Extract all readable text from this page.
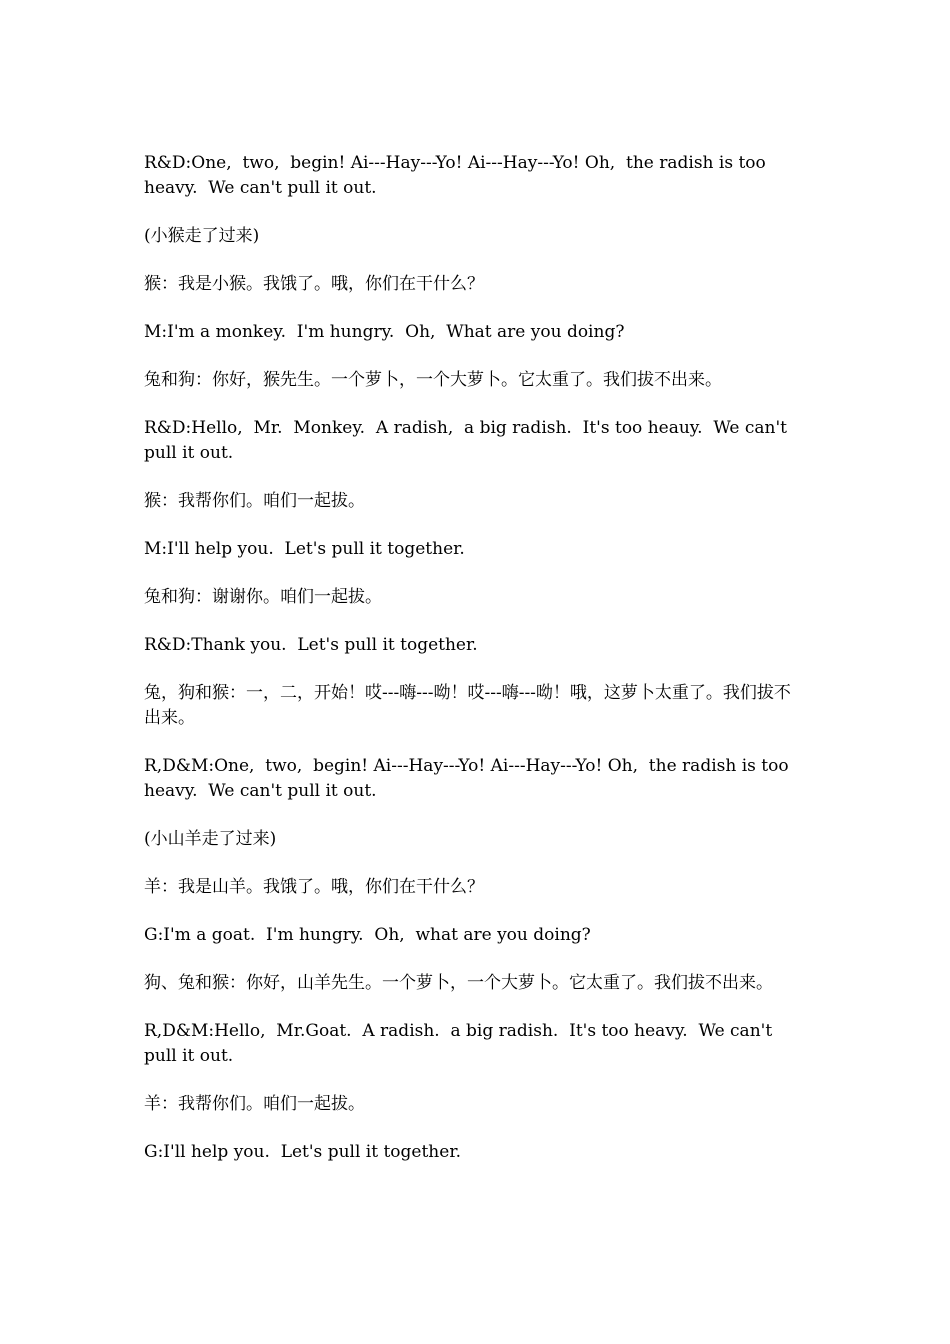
R&D:One,  two,  begin! Ai---Hay---Yo! Ai---Hay---Yo! Oh,  the radish is too heavy.  We can't pull it out.

(小猴走了过来)

猴：我是小猴。我饿了。哦，你们在干什么？

M:I'm a monkey.  I'm hungry.  Oh,  What are you doing?

兔和狗：你好，猴先生。一个萝卜，一个大萝卜。它太重了。我们拔不出来。

R&D:Hello,  Mr.  Monkey.  A radish,  a big radish.  It's too heauy.  We can't pull it out.

猴：我帮你们。咱们一起拔。

M:I'll help you.  Let's pull it together.

兔和狗：谢谢你。咱们一起拔。

R&D:Thank you.  Let's pull it together.

兔，狗和猴：一，二，开始！哎---嗨---呦！哎---嗨---呦！哦，这萝卜太重了。我们拔不出来。

R,D&M:One,  two,  begin! Ai---Hay---Yo! Ai---Hay---Yo! Oh,  the radish is too heavy.  We can't pull it out.

(小山羊走了过来)

羊：我是山羊。我饿了。哦，你们在干什么？

G:I'm a goat.  I'm hungry.  Oh,  what are you doing?

狗、兔和猴：你好，山羊先生。一个萝卜，一个大萝卜。它太重了。我们拔不出来。

R,D&M:Hello,  Mr.Goat.  A radish.  a big radish.  It's too heavy.  We can't pull it out.

羊：我帮你们。咱们一起拔。

G:I'll help you.  Let's pull it together.
